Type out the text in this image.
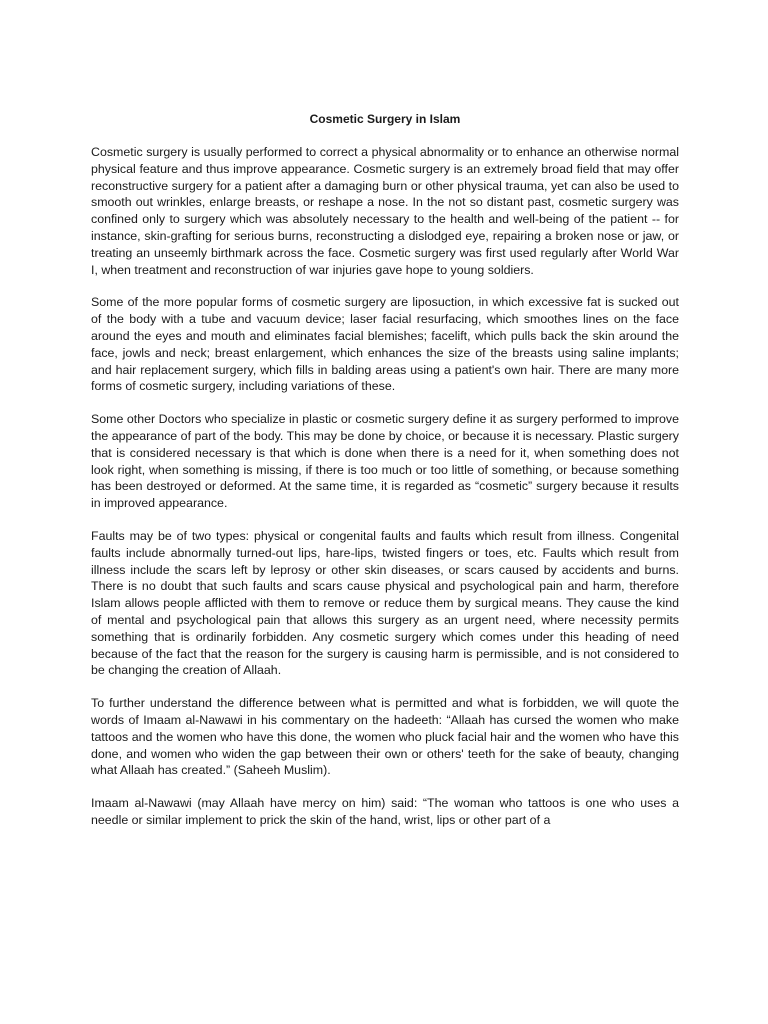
Cosmetic Surgery in Islam

Cosmetic surgery is usually performed to correct a physical abnormality or to enhance an otherwise normal physical feature and thus improve appearance. Cosmetic surgery is an extremely broad field that may offer reconstructive surgery for a patient after a damaging burn or other physical trauma, yet can also be used to smooth out wrinkles, enlarge breasts, or reshape a nose. In the not so distant past, cosmetic surgery was confined only to surgery which was absolutely necessary to the health and well-being of the patient -- for instance, skin-grafting for serious burns, reconstructing a dislodged eye, repairing a broken nose or jaw, or treating an unseemly birthmark across the face. Cosmetic surgery was first used regularly after World War I, when treatment and reconstruction of war injuries gave hope to young soldiers.

Some of the more popular forms of cosmetic surgery are liposuction, in which excessive fat is sucked out of the body with a tube and vacuum device; laser facial resurfacing, which smoothes lines on the face around the eyes and mouth and eliminates facial blemishes; facelift, which pulls back the skin around the face, jowls and neck; breast enlargement, which enhances the size of the breasts using saline implants; and hair replacement surgery, which fills in balding areas using a patient's own hair. There are many more forms of cosmetic surgery, including variations of these.

Some other Doctors who specialize in plastic or cosmetic surgery define it as surgery performed to improve the appearance of part of the body. This may be done by choice, or because it is necessary. Plastic surgery that is considered necessary is that which is done when there is a need for it, when something does not look right, when something is missing, if there is too much or too little of something, or because something has been destroyed or deformed. At the same time, it is regarded as “cosmetic” surgery because it results in improved appearance.

Faults may be of two types: physical or congenital faults and faults which result from illness. Congenital faults include abnormally turned-out lips, hare-lips, twisted fingers or toes, etc. Faults which result from illness include the scars left by leprosy or other skin diseases, or scars caused by accidents and burns. There is no doubt that such faults and scars cause physical and psychological pain and harm, therefore Islam allows people afflicted with them to remove or reduce them by surgical means. They cause the kind of mental and psychological pain that allows this surgery as an urgent need, where necessity permits something that is ordinarily forbidden. Any cosmetic surgery which comes under this heading of need because of the fact that the reason for the surgery is causing harm is permissible, and is not considered to be changing the creation of Allaah.

To further understand the difference between what is permitted and what is forbidden, we will quote the words of Imaam al-Nawawi in his commentary on the hadeeth: “Allaah has cursed the women who make tattoos and the women who have this done, the women who pluck facial hair and the women who have this done, and women who widen the gap between their own or others' teeth for the sake of beauty, changing what Allaah has created.” (Saheeh Muslim).

Imaam al-Nawawi (may Allaah have mercy on him) said: “The woman who tattoos is one who uses a needle or similar implement to prick the skin of the hand, wrist, lips or other part of a
